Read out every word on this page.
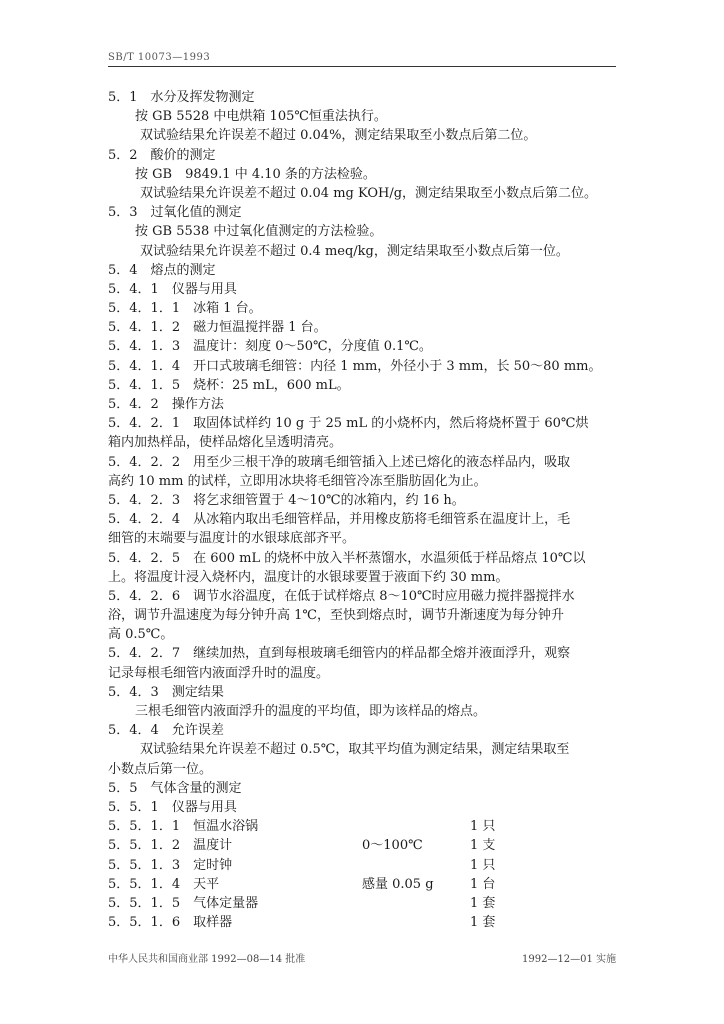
SB/T 10073—1993
5．1　水分及挥发物测定
按 GB 5528 中电烘箱 105℃恒重法执行。
双试验结果允许误差不超过 0.04%，测定结果取至小数点后第二位。
5．2　酸价的测定
按 GB　9849.1 中 4.10 条的方法检验。
双试验结果允许误差不超过 0.04 mg KOH/g，测定结果取至小数点后第二位。
5．3　过氧化值的测定
按 GB 5538 中过氧化值测定的方法检验。
双试验结果允许误差不超过 0.4 meq/kg，测定结果取至小数点后第一位。
5．4　熔点的测定
5．4．1　仪器与用具
5．4．1．1　冰箱 1 台。
5．4．1．2　磁力恒温搅拌器 1 台。
5．4．1．3　温度计：刻度 0～50℃，分度值 0.1℃。
5．4．1．4　开口式玻璃毛细管：内径 1 mm，外径小于 3 mm，长 50～80 mm。
5．4．1．5　烧杯：25 mL，600 mL。
5．4．2　操作方法
5．4．2．1　取固体试样约 10 g 于 25 mL 的小烧杯内，然后将烧杯置于 60℃烘
箱内加热样品，使样品熔化呈透明清亮。
5．4．2．2　用至少三根干净的玻璃毛细管插入上述已熔化的液态样品内，吸取
高约 10 mm 的试样，立即用冰块将毛细管冷冻至脂肪固化为止。
5．4．2．3　将乞求细管置于 4～10℃的冰箱内，约 16 h。
5．4．2．4　从冰箱内取出毛细管样品，并用橡皮筋将毛细管系在温度计上，毛
细管的末端要与温度计的水银球底部齐平。
5．4．2．5　在 600 mL 的烧杯中放入半杯蒸馏水，水温须低于样品熔点 10℃以
上。将温度计浸入烧杯内，温度计的水银球要置于液面下约 30 mm。
5．4．2．6　调节水浴温度，在低于试样熔点 8～10℃时应用磁力搅拌器搅拌水
浴，调节升温速度为每分钟升高 1℃，至快到熔点时，调节升渐速度为每分钟升
高 0.5℃。
5．4．2．7　继续加热，直到每根玻璃毛细管内的样品都全熔并液面浮升，观察
记录每根毛细管内液面浮升时的温度。
5．4．3　测定结果
三根毛细管内液面浮升的温度的平均值，即为该样品的熔点。
5．4．4　允许误差
双试验结果允许误差不超过 0.5℃，取其平均值为测定结果，测定结果取至
小数点后第一位。
5．5　气体含量的测定
5．5．1　仪器与用具
5．5．1．1　恒温水浴锅	1 只
5．5．1．2　温度计	0～100℃	1 支
5．5．1．3　定时钟	1 只
5．5．1．4　天平	感量 0.05 g	1 台
5．5．1．5　气体定量器	1 套
5．5．1．6　取样器	1 套
中华人民共和国商业部 1992—08—14 批准	1992—12—01 实施
